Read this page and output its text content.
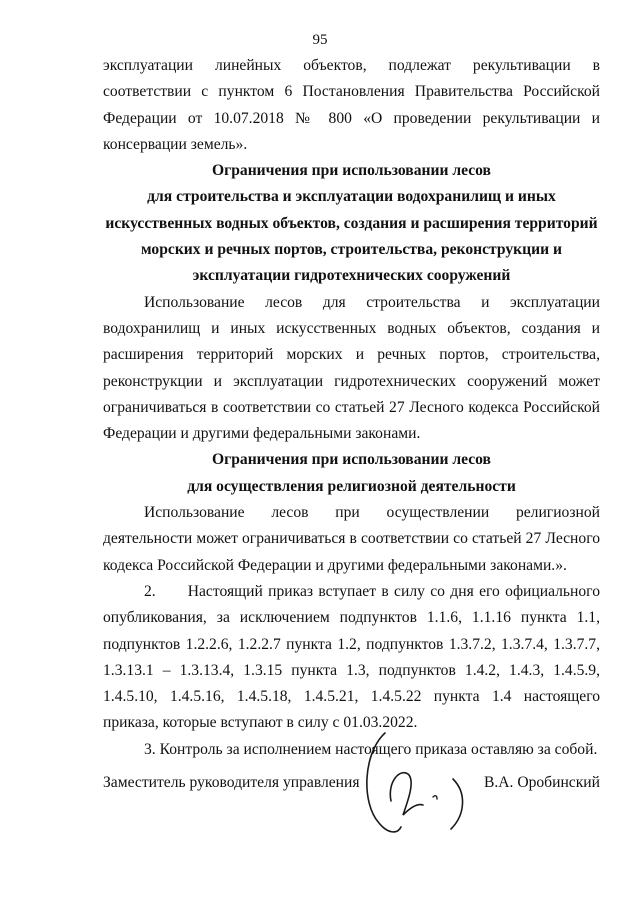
95

эксплуатации линейных объектов, подлежат рекультивации в соответствии с пунктом 6 Постановления Правительства Российской Федерации от 10.07.2018 № 800 «О проведении рекультивации и консервации земель».

Ограничения при использовании лесов

для строительства и эксплуатации водохранилищ и иных

искусственных водных объектов, создания и расширения территорий

морских и речных портов, строительства, реконструкции и

эксплуатации гидротехнических сооружений

Использование лесов для строительства и эксплуатации водохранилищ и иных искусственных водных объектов, создания и расширения территорий морских и речных портов, строительства, реконструкции и эксплуатации гидротехнических сооружений может ограничиваться в соответствии со статьей 27 Лесного кодекса Российской Федерации и другими федеральными законами.

Ограничения при использовании лесов

для осуществления религиозной деятельности

Использование лесов при осуществлении религиозной деятельности может ограничиваться в соответствии со статьей 27 Лесного кодекса Российской Федерации и другими федеральными законами.».

2.      Настоящий приказ вступает в силу со дня его официального опубликования, за исключением подпунктов 1.1.6, 1.1.16 пункта 1.1, подпунктов 1.2.2.6, 1.2.2.7 пункта 1.2, подпунктов 1.3.7.2, 1.3.7.4, 1.3.7.7, 1.3.13.1 – 1.3.13.4, 1.3.15 пункта 1.3, подпунктов 1.4.2, 1.4.3, 1.4.5.9, 1.4.5.10, 1.4.5.16, 1.4.5.18, 1.4.5.21, 1.4.5.22 пункта 1.4 настоящего приказа, которые вступают в силу с 01.03.2022.

3. Контроль за исполнением настоящего приказа оставляю за собой.

Заместитель руководителя управления	В.А. Оробинский
